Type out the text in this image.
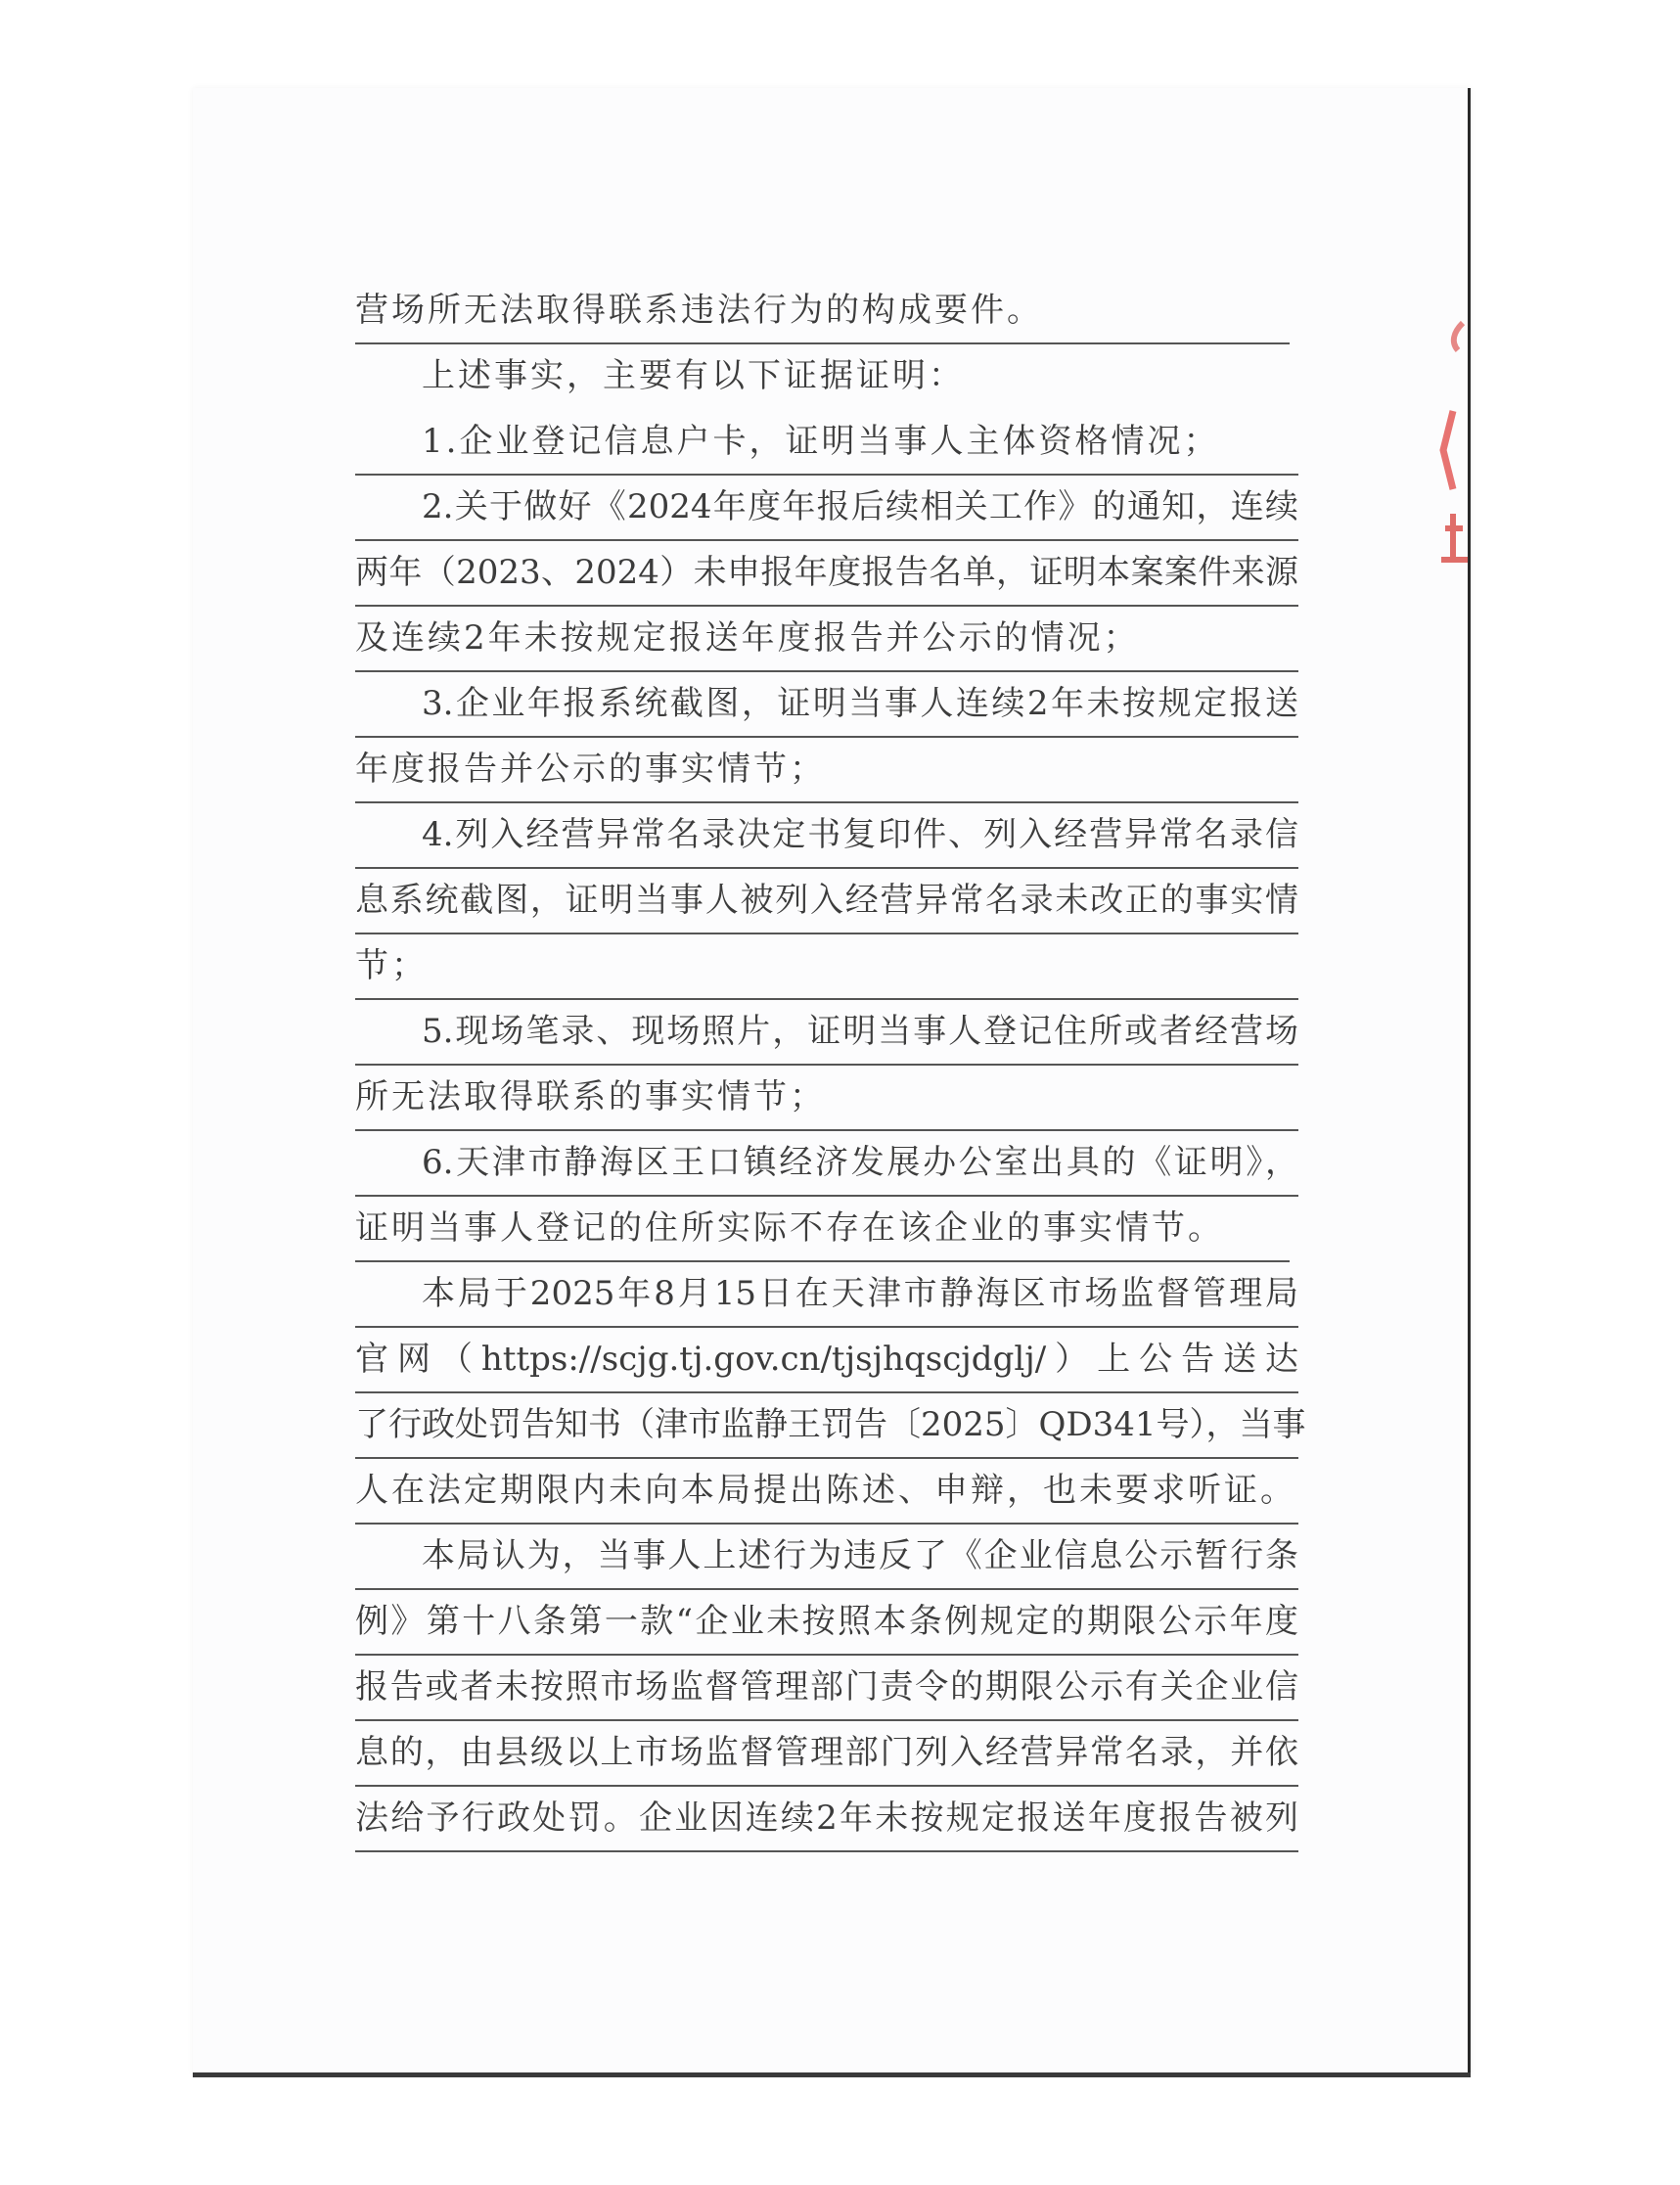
营场所无法取得联系违法行为的构成要件。
上述事实，主要有以下证据证明：
1.企业登记信息户卡，证明当事人主体资格情况；
2.关于做好《2024年度年报后续相关工作》的通知，连续
两年（2023、2024）未申报年度报告名单，证明本案案件来源
及连续2年未按规定报送年度报告并公示的情况；
3.企业年报系统截图，证明当事人连续2年未按规定报送
年度报告并公示的事实情节；
4.列入经营异常名录决定书复印件、列入经营异常名录信
息系统截图，证明当事人被列入经营异常名录未改正的事实情
节；
5.现场笔录、现场照片，证明当事人登记住所或者经营场
所无法取得联系的事实情节；
6.天津市静海区王口镇经济发展办公室出具的《证明》，
证明当事人登记的住所实际不存在该企业的事实情节。
本局于2025年8月15日在天津市静海区市场监督管理局
官网（https://scjg.tj.gov.cn/tjsjhqscjdglj/）上公告送达
了行政处罚告知书（津市监静王罚告〔2025〕QD341号），当事
人在法定期限内未向本局提出陈述、申辩，也未要求听证。
本局认为，当事人上述行为违反了《企业信息公示暂行条
例》第十八条第一款“企业未按照本条例规定的期限公示年度
报告或者未按照市场监督管理部门责令的期限公示有关企业信
息的，由县级以上市场监督管理部门列入经营异常名录，并依
法给予行政处罚。企业因连续2年未按规定报送年度报告被列
